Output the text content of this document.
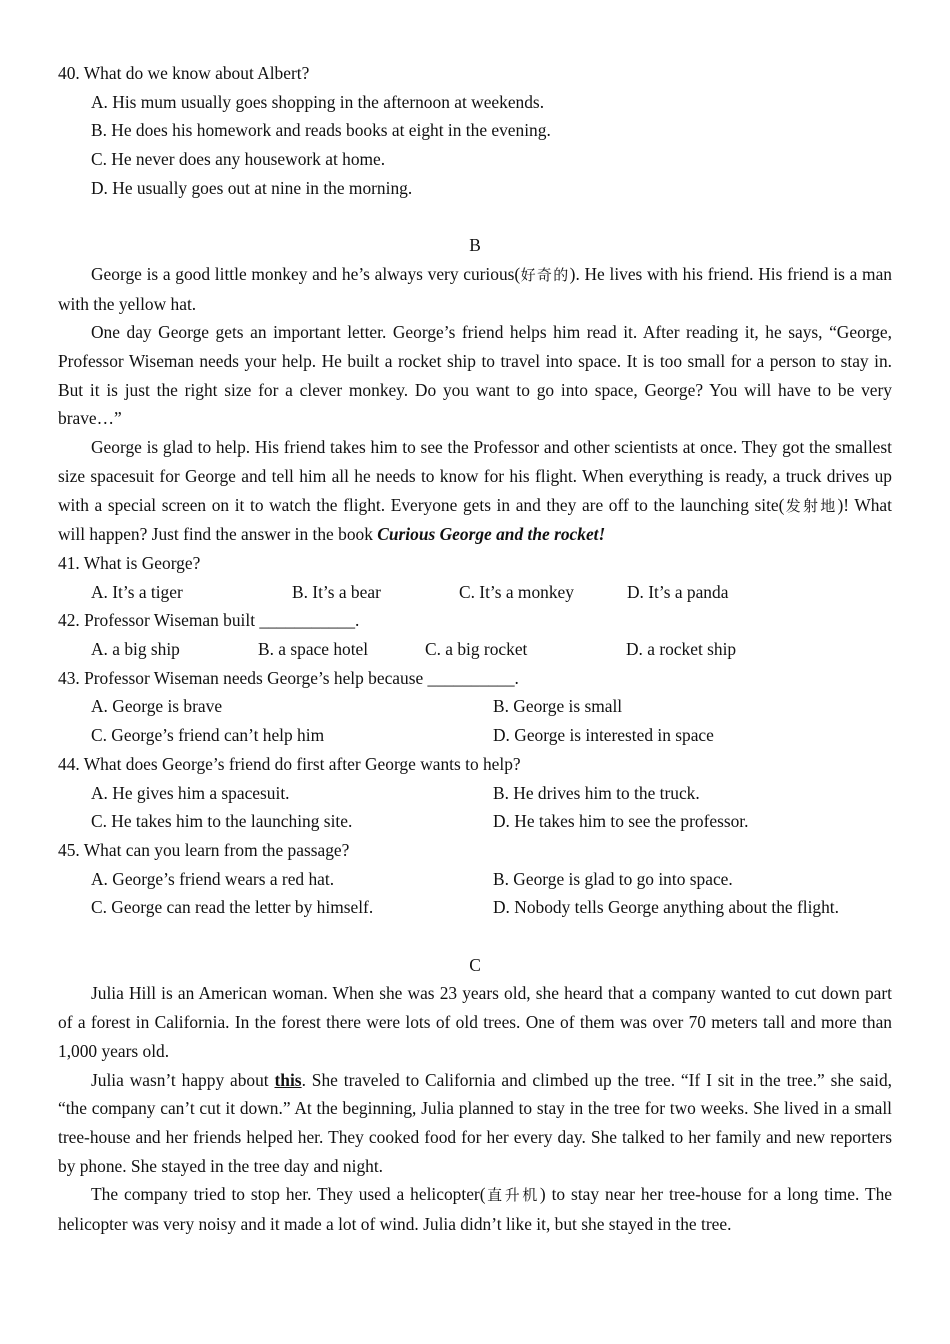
40. What do we know about Albert?
A. His mum usually goes shopping in the afternoon at weekends.
B. He does his homework and reads books at eight in the evening.
C. He never does any housework at home.
D. He usually goes out at nine in the morning.
B
George is a good little monkey and he’s always very curious(好奇的). He lives with his friend. His friend is a man with the yellow hat.
One day George gets an important letter. George’s friend helps him read it. After reading it, he says, “George, Professor Wiseman needs your help. He built a rocket ship to travel into space. It is too small for a person to stay in. But it is just the right size for a clever monkey. Do you want to go into space, George? You will have to be very brave…”
George is glad to help. His friend takes him to see the Professor and other scientists at once. They got the smallest size spacesuit for George and tell him all he needs to know for his flight. When everything is ready, a truck drives up with a special screen on it to watch the flight. Everyone gets in and they are off to the launching site(发射地)! What will happen? Just find the answer in the book Curious George and the rocket!
41. What is George?
A. It’s a tiger	B. It’s a bear	C. It’s a monkey	D. It’s a panda
42. Professor Wiseman built ___________.
A. a big ship	B. a space hotel	C. a big rocket	D. a rocket ship
43. Professor Wiseman needs George’s help because __________.
A. George is brave	B. George is small
C. George’s friend can’t help him	D. George is interested in space
44. What does George’s friend do first after George wants to help?
A. He gives him a spacesuit.	B. He drives him to the truck.
C. He takes him to the launching site.	D. He takes him to see the professor.
45. What can you learn from the passage?
A. George’s friend wears a red hat.	B. George is glad to go into space.
C. George can read the letter by himself.	D. Nobody tells George anything about the flight.
C
Julia Hill is an American woman. When she was 23 years old, she heard that a company wanted to cut down part of a forest in California. In the forest there were lots of old trees. One of them was over 70 meters tall and more than 1,000 years old.
Julia wasn’t happy about this. She traveled to California and climbed up the tree. “If I sit in the tree.” she said, “the company can’t cut it down.” At the beginning, Julia planned to stay in the tree for two weeks. She lived in a small tree-house and her friends helped her. They cooked food for her every day. She talked to her family and new reporters by phone. She stayed in the tree day and night.
The company tried to stop her. They used a helicopter(直升机) to stay near her tree-house for a long time. The helicopter was very noisy and it made a lot of wind. Julia didn’t like it, but she stayed in the tree.
